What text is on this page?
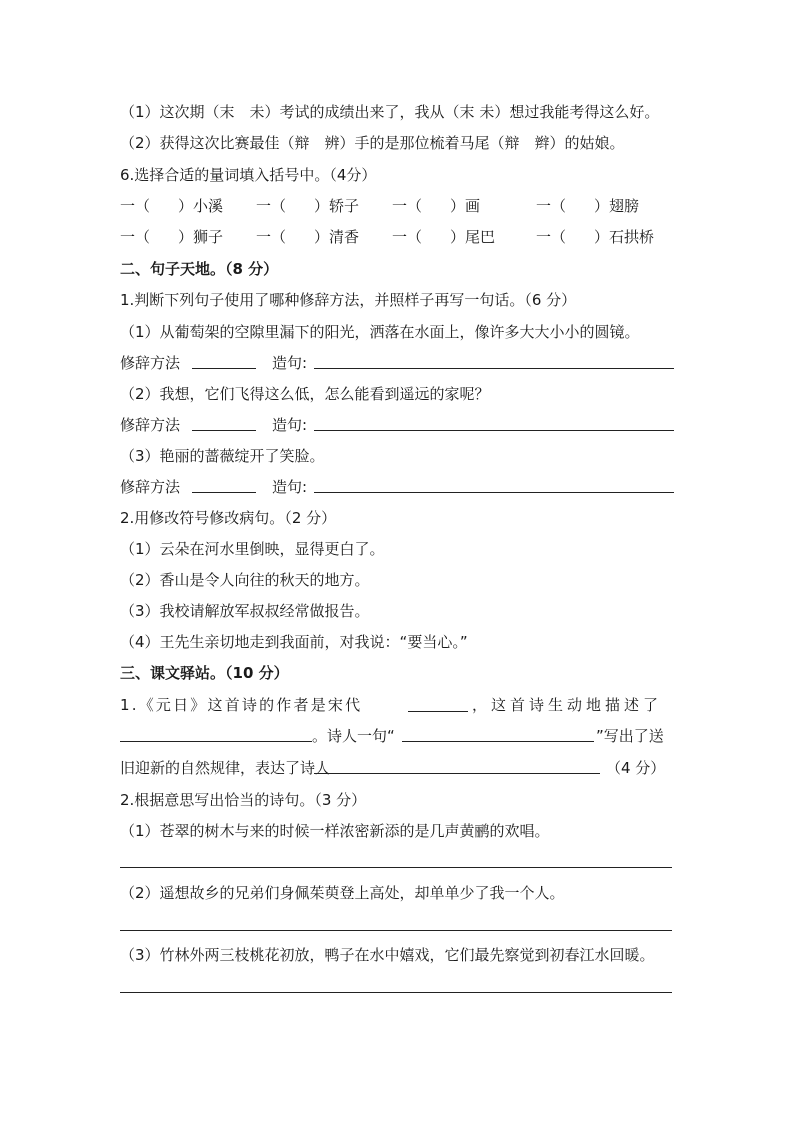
（1）这次期（末　未）考试的成绩出来了，我从（末 未）想过我能考得这么好。
（2）获得这次比赛最佳（辩　辨）手的是那位梳着马尾（辩　辫）的姑娘。
6.选择合适的量词填入括号中。（4分）
一（ ）小溪 一（ ）轿子 一（ ）画	一（ ）翅膀
一（ ）狮子 一（ ）清香 一（ ）尾巴	一（ ）石拱桥
二、句子天地。（8 分）
1.判断下列句子使用了哪种修辞方法，并照样子再写一句话。（6 分）
（1）从葡萄架的空隙里漏下的阳光，洒落在水面上，像许多大大小小的圆镜。
修辞方法	造句:
（2）我想，它们飞得这么低，怎么能看到遥远的家呢？
修辞方法	造句:
（3）艳丽的蔷薇绽开了笑脸。
修辞方法	造句:
2.用修改符号修改病句。（2 分）
（1）云朵在河水里倒映，显得更白了。
（2）香山是令人向往的秋天的地方。
（3）我校请解放军叔叔经常做报告。
（4）王先生亲切地走到我面前，对我说：“要当心。”
三、课文驿站。（10 分）
1.《元日》这首诗的作者是宋代	，这首诗生动地描述了
。诗人一句“	”写出了送
旧迎新的自然规律，表达了诗人	（4 分）
2.根据意思写出恰当的诗句。（3 分）
（1）苍翠的树木与来的时候一样浓密新添的是几声黄鹂的欢唱。
（2）遥想故乡的兄弟们身佩茱萸登上高处，却单单少了我一个人。
（3）竹林外两三枝桃花初放，鸭子在水中嬉戏，它们最先察觉到初春江水回暖。
